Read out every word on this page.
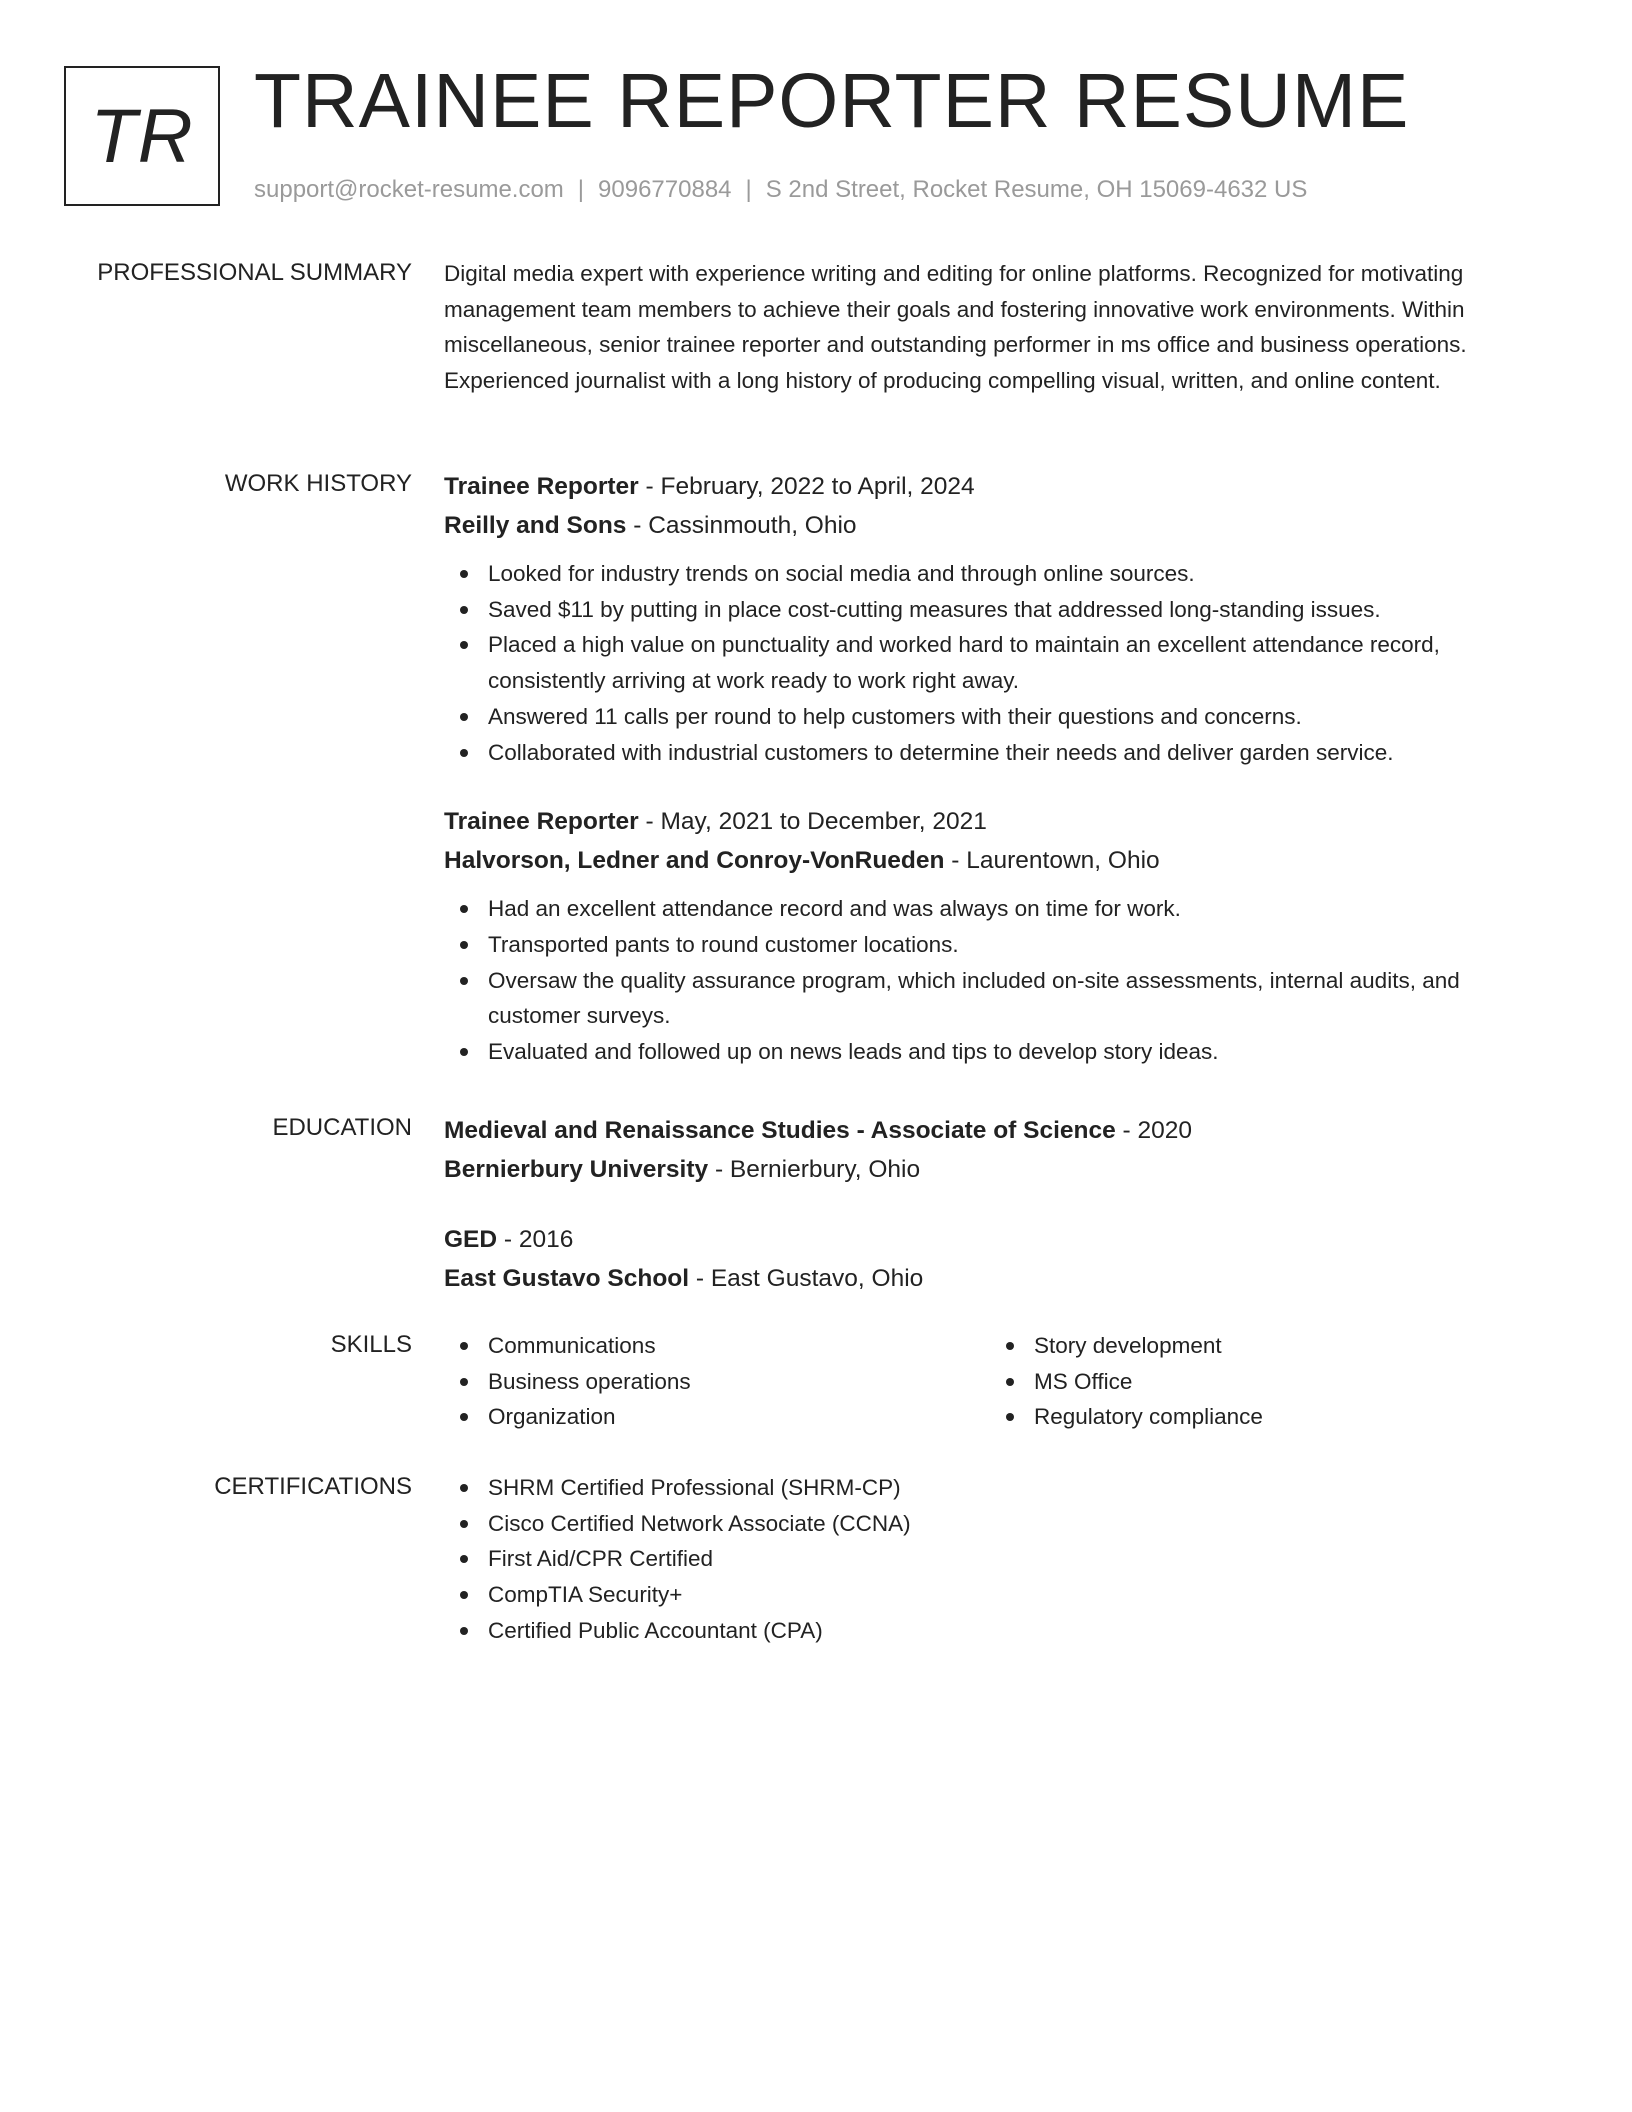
TR TRAINEE REPORTER RESUME
support@rocket-resume.com | 9096770884 | S 2nd Street, Rocket Resume, OH 15069-4632 US
PROFESSIONAL SUMMARY Digital media expert with experience writing and editing for online platforms. Recognized for motivating management team members to achieve their goals and fostering innovative work environments. Within miscellaneous, senior trainee reporter and outstanding performer in ms office and business operations. Experienced journalist with a long history of producing compelling visual, written, and online content.
WORK HISTORY Trainee Reporter - February, 2022 to April, 2024
Reilly and Sons - Cassinmouth, Ohio
Looked for industry trends on social media and through online sources.
Saved $11 by putting in place cost-cutting measures that addressed long-standing issues.
Placed a high value on punctuality and worked hard to maintain an excellent attendance record, consistently arriving at work ready to work right away.
Answered 11 calls per round to help customers with their questions and concerns.
Collaborated with industrial customers to determine their needs and deliver garden service.
Trainee Reporter - May, 2021 to December, 2021
Halvorson, Ledner and Conroy-VonRueden - Laurentown, Ohio
Had an excellent attendance record and was always on time for work.
Transported pants to round customer locations.
Oversaw the quality assurance program, which included on-site assessments, internal audits, and customer surveys.
Evaluated and followed up on news leads and tips to develop story ideas.
EDUCATION Medieval and Renaissance Studies - Associate of Science - 2020
Bernierbury University - Bernierbury, Ohio
GED - 2016
East Gustavo School - East Gustavo, Ohio
SKILLS	Communications
Business operations
Organization
Story development
MS Office
Regulatory compliance
CERTIFICATIONS	SHRM Certified Professional (SHRM-CP)
Cisco Certified Network Associate (CCNA)
First Aid/CPR Certified
CompTIA Security+
Certified Public Accountant (CPA)
